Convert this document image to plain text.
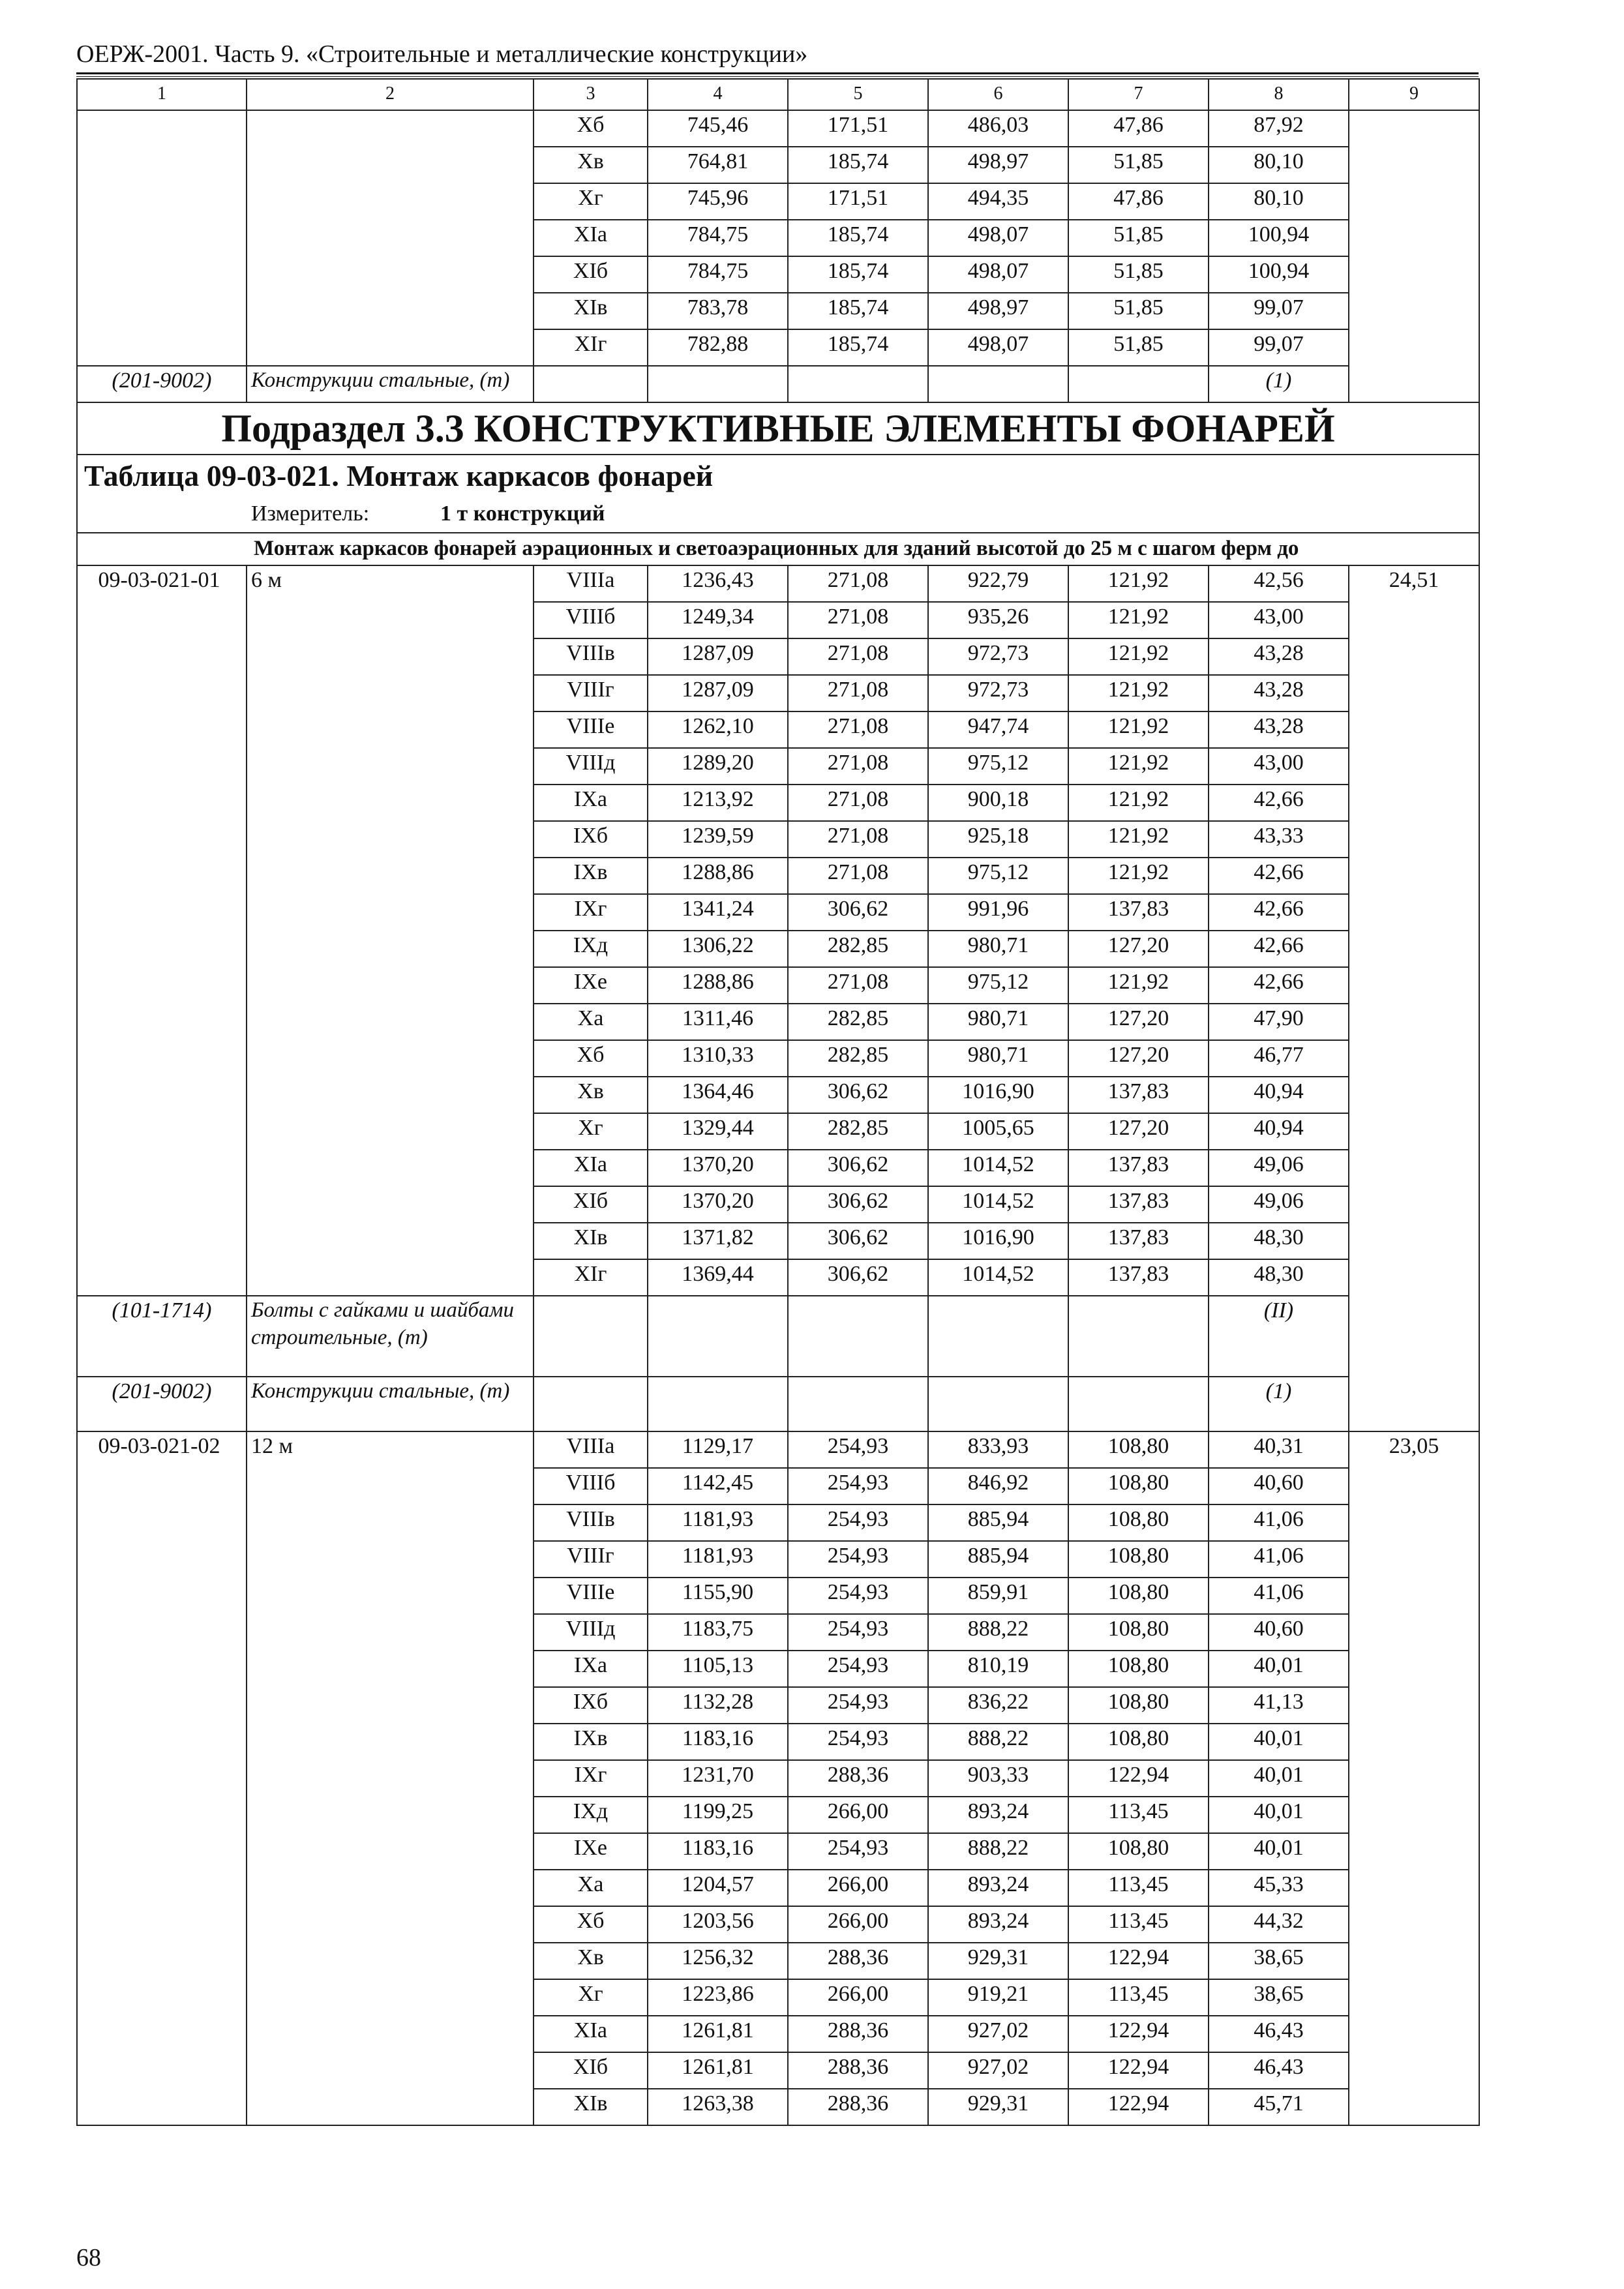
ОЕРЖ-2001. Часть 9. «Строительные и металлические конструкции»
1	2	3	4	5	6	7	8	9
		Xб	745,46	171,51	486,03	47,86	87,92	
		Xв	764,81	185,74	498,97	51,85	80,10	
		Xг	745,96	171,51	494,35	47,86	80,10	
		XIа	784,75	185,74	498,07	51,85	100,94	
		XIб	784,75	185,74	498,07	51,85	100,94	
		XIв	783,78	185,74	498,97	51,85	99,07	
		XIг	782,88	185,74	498,07	51,85	99,07	
(201-9002)	Конструкции стальные, (т)						(1)	
Подраздел 3.3 КОНСТРУКТИВНЫЕ ЭЛЕМЕНТЫ ФОНАРЕЙ								
Таблица 09-03-021. Монтаж каркасов фонарей								
Измеритель: 1 т конструкций								
Монтаж каркасов фонарей аэрационных и светоаэрационных для зданий высотой до 25 м с шагом ферм до								
09-03-021-01	6 м	VIIIа	1236,43	271,08	922,79	121,92	42,56	24,51
		VIIIб	1249,34	271,08	935,26	121,92	43,00	
		VIIIв	1287,09	271,08	972,73	121,92	43,28	
		VIIIг	1287,09	271,08	972,73	121,92	43,28	
		VIIIе	1262,10	271,08	947,74	121,92	43,28	
		VIIIд	1289,20	271,08	975,12	121,92	43,00	
		IXа	1213,92	271,08	900,18	121,92	42,66	
		IXб	1239,59	271,08	925,18	121,92	43,33	
		IXв	1288,86	271,08	975,12	121,92	42,66	
		IXг	1341,24	306,62	991,96	137,83	42,66	
		IXд	1306,22	282,85	980,71	127,20	42,66	
		IXе	1288,86	271,08	975,12	121,92	42,66	
		Xа	1311,46	282,85	980,71	127,20	47,90	
		Xб	1310,33	282,85	980,71	127,20	46,77	
		Xв	1364,46	306,62	1016,90	137,83	40,94	
		Xг	1329,44	282,85	1005,65	127,20	40,94	
		XIа	1370,20	306,62	1014,52	137,83	49,06	
		XIб	1370,20	306,62	1014,52	137,83	49,06	
		XIв	1371,82	306,62	1016,90	137,83	48,30	
		XIг	1369,44	306,62	1014,52	137,83	48,30	
(101-1714)	Болты с гайками и шайбами строительные, (т)						(II)	
(201-9002)	Конструкции стальные, (т)						(1)	
09-03-021-02	12 м	VIIIа	1129,17	254,93	833,93	108,80	40,31	23,05
		VIIIб	1142,45	254,93	846,92	108,80	40,60	
		VIIIв	1181,93	254,93	885,94	108,80	41,06	
		VIIIг	1181,93	254,93	885,94	108,80	41,06	
		VIIIе	1155,90	254,93	859,91	108,80	41,06	
		VIIIд	1183,75	254,93	888,22	108,80	40,60	
		IXа	1105,13	254,93	810,19	108,80	40,01	
		IXб	1132,28	254,93	836,22	108,80	41,13	
		IXв	1183,16	254,93	888,22	108,80	40,01	
		IXг	1231,70	288,36	903,33	122,94	40,01	
		IXд	1199,25	266,00	893,24	113,45	40,01	
		IXе	1183,16	254,93	888,22	108,80	40,01	
		Xа	1204,57	266,00	893,24	113,45	45,33	
		Xб	1203,56	266,00	893,24	113,45	44,32	
		Xв	1256,32	288,36	929,31	122,94	38,65	
		Xг	1223,86	266,00	919,21	113,45	38,65	
		XIа	1261,81	288,36	927,02	122,94	46,43	
		XIб	1261,81	288,36	927,02	122,94	46,43	
		XIв	1263,38	288,36	929,31	122,94	45,71	
68
